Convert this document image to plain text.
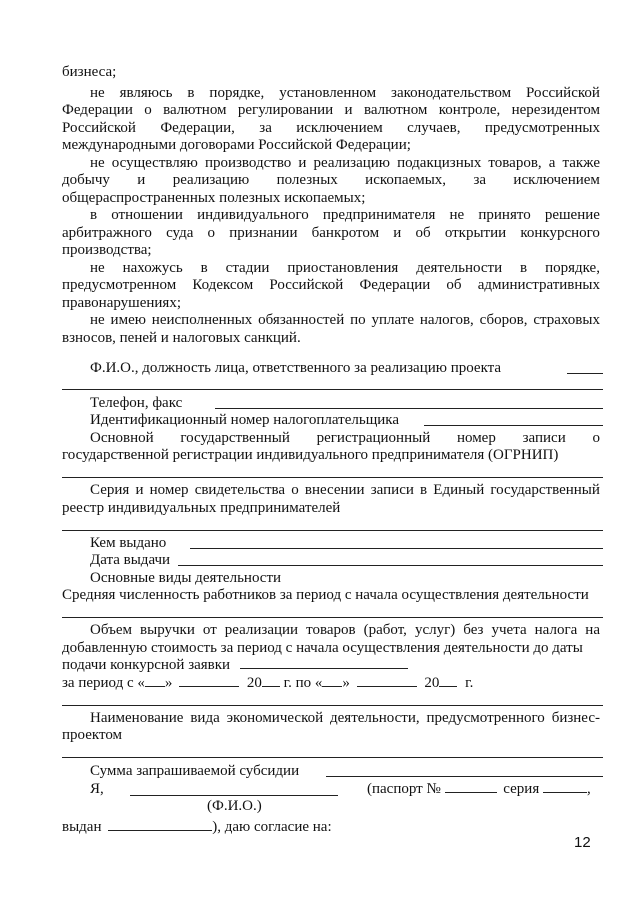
бизнеса;
не являюсь в порядке, установленном законодательством Российской
Федерации о валютном регулировании и валютном контроле, нерезидентом
Российской Федерации, за исключением случаев, предусмотренных
международными договорами Российской Федерации;
не осуществляю производство и реализацию подакцизных товаров, а также
добычу и реализацию полезных ископаемых, за исключением
общераспространенных полезных ископаемых;
в отношении индивидуального предпринимателя не принято решение
арбитражного суда о признании банкротом и об открытии конкурсного
производства;
не нахожусь в стадии приостановления деятельности в порядке,
предусмотренном Кодексом Российской Федерации об административных
правонарушениях;
не имею неисполненных обязанностей по уплате налогов, сборов, страховых
взносов, пеней и налоговых санкций.
Ф.И.О., должность лица, ответственного за реализацию проекта
Телефон, факс
Идентификационный номер налогоплательщика
Основной государственный регистрационный номер записи о
государственной регистрации индивидуального предпринимателя (ОГРНИП)
Серия и номер свидетельства о внесении записи в Единый государственный
реестр индивидуальных предпринимателей
Кем выдано
Дата выдачи
Основные виды деятельности
Средняя численность работников за период с начала осуществления деятельности
Объем выручки от реализации товаров (работ, услуг) без учета налога на
добавленную стоимость за период с начала осуществления деятельности до даты
подачи конкурсной заявки
за период с « »	20 г. по « »	20 г.
Наименование вида экономической деятельности, предусмотренного бизнес-
проектом
Сумма запрашиваемой субсидии
Я,	(паспорт №	серия	,
(Ф.И.О.)
выдан	), даю согласие на:
12
